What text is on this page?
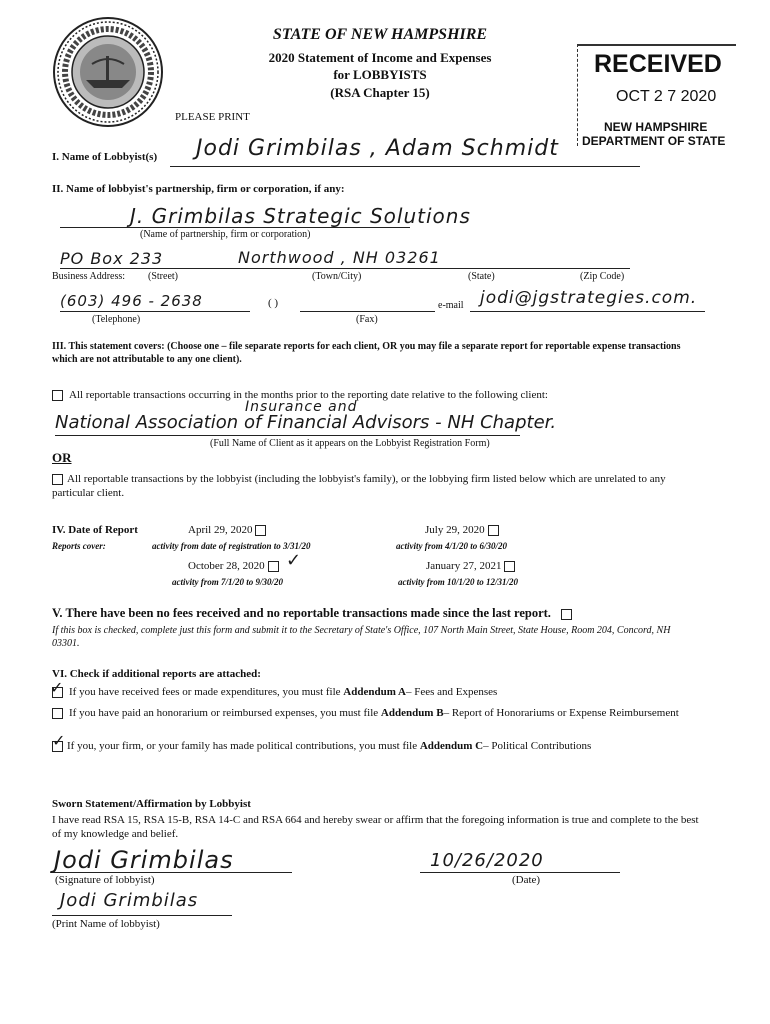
STATE OF NEW HAMPSHIRE
2020 Statement of Income and Expenses
for LOBBYISTS
(RSA Chapter 15)
PLEASE PRINT
RECEIVED
OCT 2 7 2020
NEW HAMPSHIRE
DEPARTMENT OF STATE
I. Name of Lobbyist(s) Jodi Grimbilas , Adam Schmidt
II. Name of lobbyist's partnership, firm or corporation, if any:
J. Grimbilas Strategic Solutions
(Name of partnership, firm or corporation)
PO Box 233	Northwood , NH 03261
Business Address: (Street)	(Town/City)	(State)	(Zip Code)
(603) 496 - 2638	( )	e-mail jodi@jgstrategies.com.
(Telephone)	(Fax)
III. This statement covers: (Choose one – file separate reports for each client, OR you may file a separate report for reportable expense transactions which are not attributable to any one client).
All reportable transactions occurring in the months prior to the reporting date relative to the following client:
Insurance and
National Association of Financial Advisors - NH Chapter.
(Full Name of Client as it appears on the Lobbyist Registration Form)
OR
All reportable transactions by the lobbyist (including the lobbyist's family), or the lobbying firm listed below which are unrelated to any particular client.
IV. Date of Report
Reports cover:
April 29, 2020
activity from date of registration to 3/31/20
July 29, 2020
activity from 4/1/20 to 6/30/20
October 28, 2020	✓
activity from 7/1/20 to 9/30/20
January 27, 2021
activity from 10/1/20 to 12/31/20
V. There have been no fees received and no reportable transactions made since the last report.
If this box is checked, complete just this form and submit it to the Secretary of State's Office, 107 North Main Street, State House, Room 204, Concord, NH 03301.
VI. Check if additional reports are attached:
If you have received fees or made expenditures, you must file Addendum A– Fees and Expenses
✓
If you have paid an honorarium or reimbursed expenses, you must file Addendum B– Report of Honorariums or Expense Reimbursement
If you, your firm, or your family has made political contributions, you must file Addendum C– Political Contributions
✓
Sworn Statement/Affirmation by Lobbyist
I have read RSA 15, RSA 15-B, RSA 14-C and RSA 664 and hereby swear or affirm that the foregoing information is true and complete to the best of my knowledge and belief.
Jodi Grimbilas
(Signature of lobbyist)
10/26/2020
(Date)
Jodi Grimbilas
(Print Name of lobbyist)
